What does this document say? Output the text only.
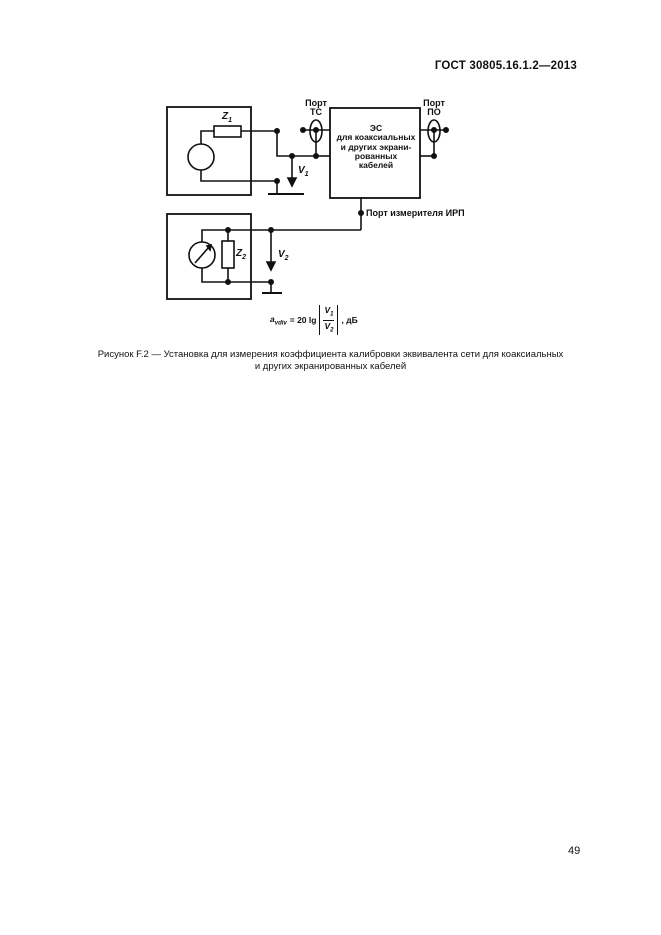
ГОСТ 30805.16.1.2—2013
Порт
ТС
Порт
ПО
ЭС
для коаксиальных
и других экрани-
рованных
кабелей
$Z_1$
$Z_2$
$V_1$
$V_2$
Порт измерителя ИРП
$a_{vdiv} = 20$ $\lg \frac{V_1}{V_2}$ , дБ
Рисунок F.2 — Установка для измерения коэффициента калибровки эквивалента сети для коаксиальных
и других экранированных кабелей
49
